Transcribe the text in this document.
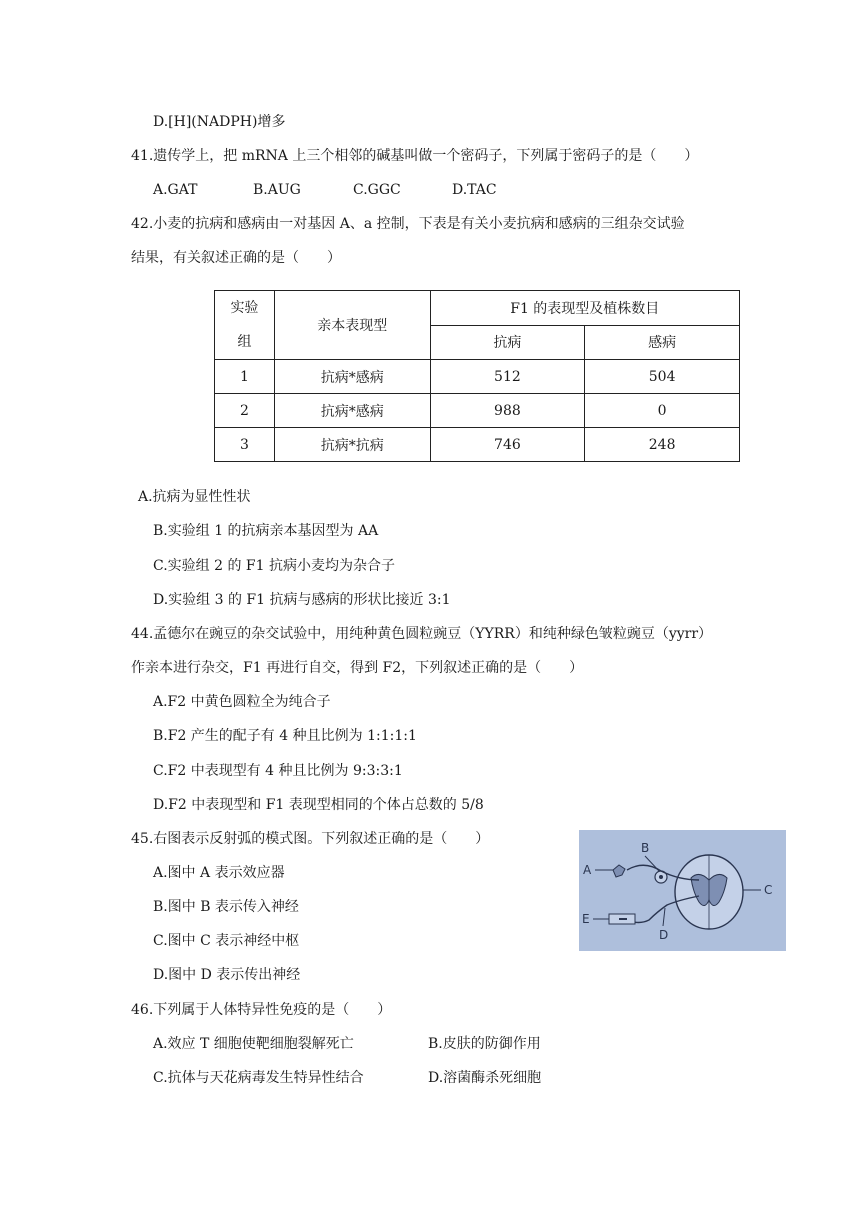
D.[H](NADPH)增多
41.遗传学上，把 mRNA 上三个相邻的碱基叫做一个密码子，下列属于密码子的是（　　）
A.GAT	B.AUG	C.GGC	D.TAC
42.小麦的抗病和感病由一对基因 A、a 控制，下表是有关小麦抗病和感病的三组杂交试验
结果，有关叙述正确的是（　　）
实验
组	亲本表现型	F1 的表现型及植株数目	
		抗病	感病
1	抗病*感病	512	504
2	抗病*感病	988	0
3	抗病*抗病	746	248
A.抗病为显性性状
B.实验组 1 的抗病亲本基因型为 AA
C.实验组 2 的 F1 抗病小麦均为杂合子
D.实验组 3 的 F1 抗病与感病的形状比接近 3:1
44.孟德尔在豌豆的杂交试验中，用纯种黄色圆粒豌豆（YYRR）和纯种绿色皱粒豌豆（yyrr）
作亲本进行杂交，F1 再进行自交，得到 F2，下列叙述正确的是（　　）
A.F2 中黄色圆粒全为纯合子
B.F2 产生的配子有 4 种且比例为 1:1:1:1
C.F2 中表现型有 4 种且比例为 9:3:3:1
D.F2 中表现型和 F1 表现型相同的个体占总数的 5/8
45.右图表示反射弧的模式图。下列叙述正确的是（　　）
A.图中 A 表示效应器
B.图中 B 表示传入神经
C.图中 C 表示神经中枢
D.图中 D 表示传出神经
A
B
C
D
E
46.下列属于人体特异性免疫的是（　　）
A.效应 T 细胞使靶细胞裂解死亡	B.皮肤的防御作用
C.抗体与天花病毒发生特异性结合	D.溶菌酶杀死细胞
